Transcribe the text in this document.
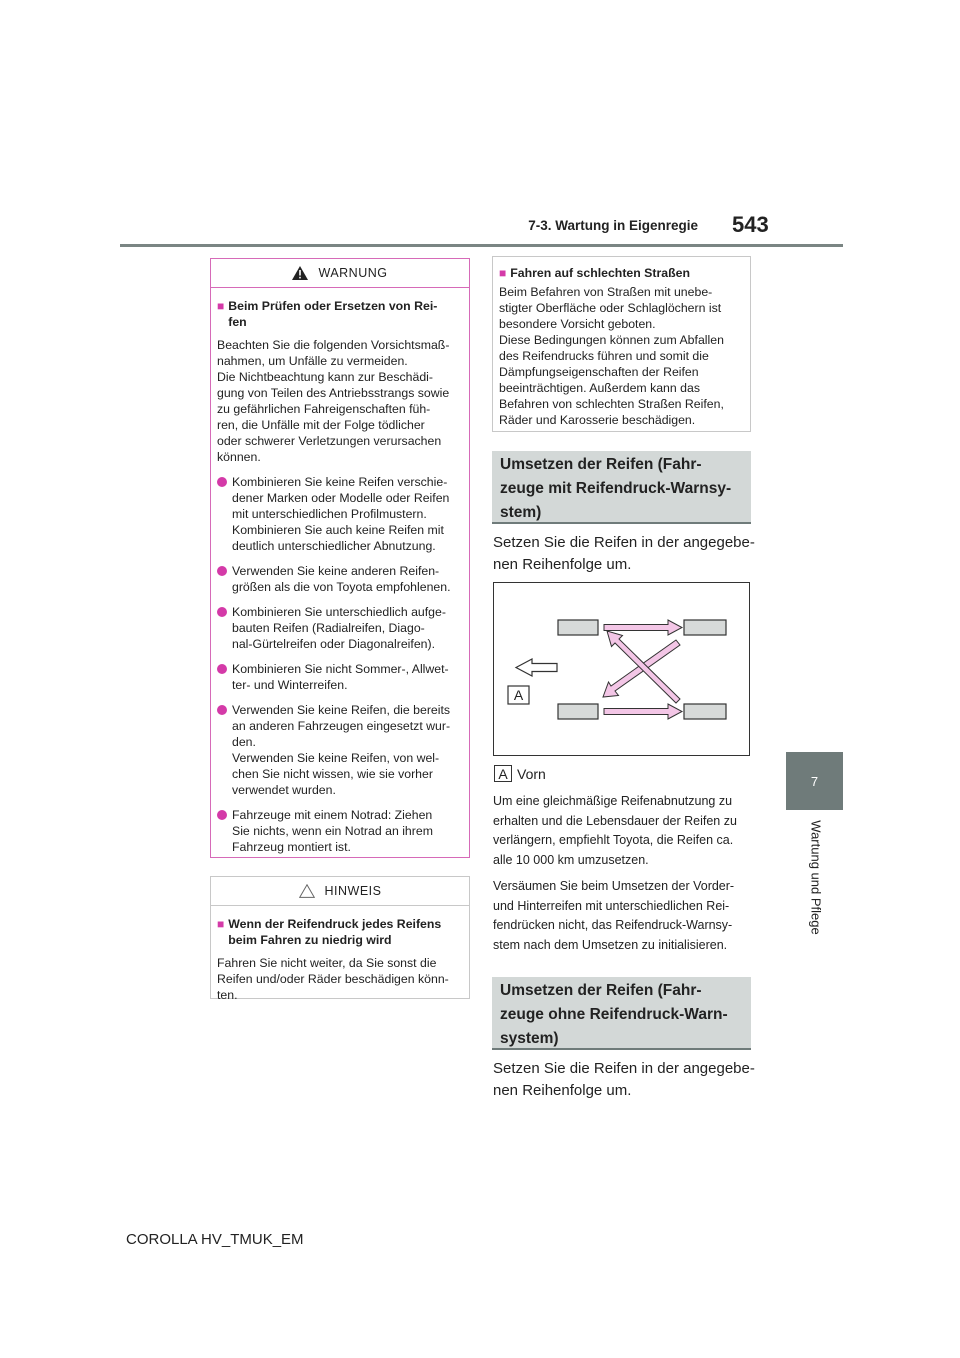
7-3. Wartung in Eigenregie 543
7
Wartung und Pflege
WARNUNG
■ Beim Prüfen oder Ersetzen von Rei-
fen
Beachten Sie die folgenden Vorsichtsmaß-
nahmen, um Unfälle zu vermeiden.
Die Nichtbeachtung kann zur Beschädi-
gung von Teilen des Antriebsstrangs sowie
zu gefährlichen Fahreigenschaften füh-
ren, die Unfälle mit der Folge tödlicher
oder schwerer Verletzungen verursachen
können.
Kombinieren Sie keine Reifen verschie-
dener Marken oder Modelle oder Reifen
mit unterschiedlichen Profilmustern.
Kombinieren Sie auch keine Reifen mit
deutlich unterschiedlicher Abnutzung.
Verwenden Sie keine anderen Reifen-
größen als die von Toyota empfohlenen.
Kombinieren Sie unterschiedlich aufge-
bauten Reifen (Radialreifen, Diago-
nal-Gürtelreifen oder Diagonalreifen).
Kombinieren Sie nicht Sommer-, Allwet-
ter- und Winterreifen.
Verwenden Sie keine Reifen, die bereits
an anderen Fahrzeugen eingesetzt wur-
den.
Verwenden Sie keine Reifen, von wel-
chen Sie nicht wissen, wie sie vorher
verwendet wurden.
Fahrzeuge mit einem Notrad: Ziehen
Sie nichts, wenn ein Notrad an ihrem
Fahrzeug montiert ist.
HINWEIS
■ Wenn der Reifendruck jedes Reifens
beim Fahren zu niedrig wird
Fahren Sie nicht weiter, da Sie sonst die
Reifen und/oder Räder beschädigen könn-
ten.
■ Fahren auf schlechten Straßen
Beim Befahren von Straßen mit unebe-
stigter Oberfläche oder Schlaglöchern ist
besondere Vorsicht geboten.
Diese Bedingungen können zum Abfallen
des Reifendrucks führen und somit die
Dämpfungseigenschaften der Reifen
beeinträchtigen. Außerdem kann das
Befahren von schlechten Straßen Reifen,
Räder und Karosserie beschädigen.
Umsetzen der Reifen (Fahr-
zeuge mit Reifendruck-Warnsy-
stem)
Setzen Sie die Reifen in der angegebe-
nen Reihenfolge um.
A
A Vorn
Um eine gleichmäßige Reifenabnutzung zu
erhalten und die Lebensdauer der Reifen zu
verlängern, empfiehlt Toyota, die Reifen ca.
alle 10 000 km umzusetzen.
Versäumen Sie beim Umsetzen der Vorder-
und Hinterreifen mit unterschiedlichen Rei-
fendrücken nicht, das Reifendruck-Warnsy-
stem nach dem Umsetzen zu initialisieren.
Umsetzen der Reifen (Fahr-
zeuge ohne Reifendruck-Warn-
system)
Setzen Sie die Reifen in der angegebe-
nen Reihenfolge um.
COROLLA HV_TMUK_EM
